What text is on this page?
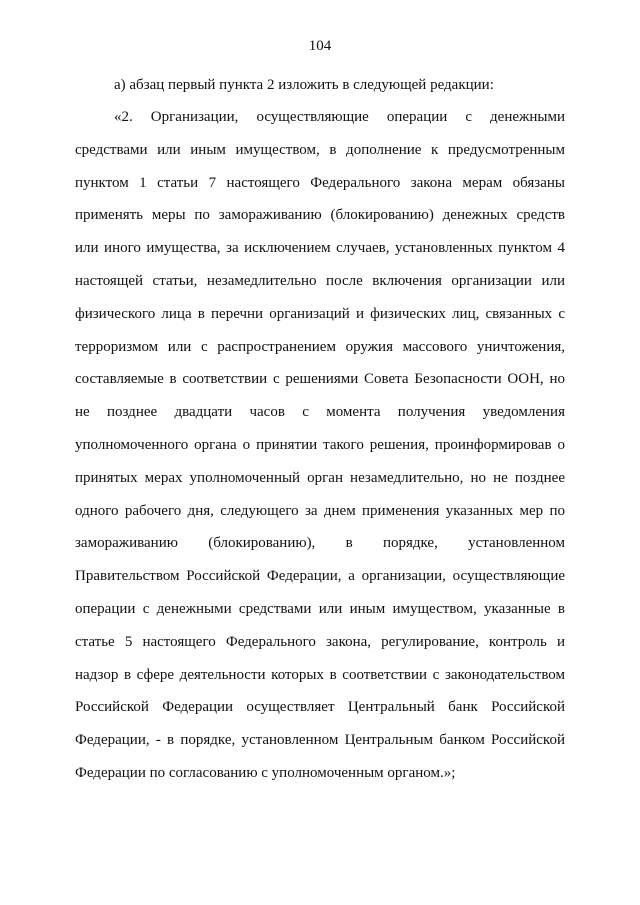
104
а) абзац первый пункта 2 изложить в следующей редакции:
«2. Организации, осуществляющие операции с денежными
средствами или иным имуществом, в дополнение к предусмотренным
пунктом 1 статьи 7 настоящего Федерального закона мерам обязаны
применять меры по замораживанию (блокированию) денежных средств
или иного имущества, за исключением случаев, установленных пунктом 4
настоящей статьи, незамедлительно после включения организации или
физического лица в перечни организаций и физических лиц, связанных с
терроризмом или с распространением оружия массового уничтожения,
составляемые в соответствии с решениями Совета Безопасности ООН, но
не позднее двадцати часов с момента получения уведомления
уполномоченного органа о принятии такого решения, проинформировав о
принятых мерах уполномоченный орган незамедлительно, но не позднее
одного рабочего дня, следующего за днем применения указанных мер по
замораживанию (блокированию), в порядке, установленном
Правительством Российской Федерации, а организации, осуществляющие
операции с денежными средствами или иным имуществом, указанные в
статье 5 настоящего Федерального закона, регулирование, контроль и
надзор в сфере деятельности которых в соответствии с законодательством
Российской Федерации осуществляет Центральный банк Российской
Федерации, - в порядке, установленном Центральным банком Российской
Федерации по согласованию с уполномоченным органом.»;
